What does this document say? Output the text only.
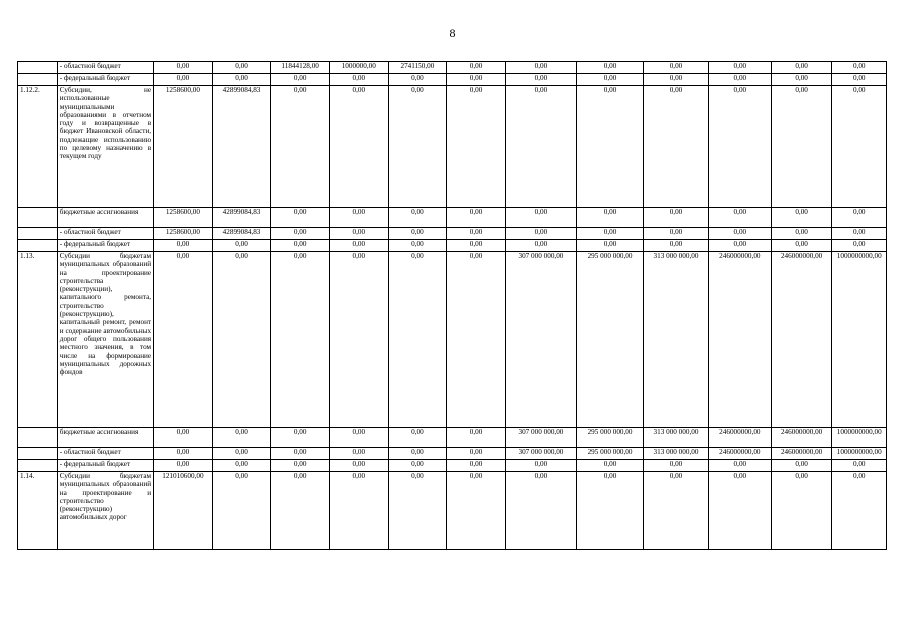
8
	- областной бюджет	0,00	0,00	11844128,00	1000000,00	2741150,00	0,00	0,00	0,00	0,00	0,00	0,00	0,00
	- федеральный бюджет	0,00	0,00	0,00	0,00	0,00	0,00	0,00	0,00	0,00	0,00	0,00	0,00
1.12.2.	Субсидии, не использованные муниципальными образованиями в отчетном году и возвращенные в бюджет Ивановской области, подлежащие использованию по целевому назначению в текущем году	1258600,00	42899084,83	0,00	0,00	0,00	0,00	0,00	0,00	0,00	0,00	0,00	0,00
	бюджетные ассигнования	1258600,00	42899084,83	0,00	0,00	0,00	0,00	0,00	0,00	0,00	0,00	0,00	0,00
	- областной бюджет	1258600,00	42899084,83	0,00	0,00	0,00	0,00	0,00	0,00	0,00	0,00	0,00	0,00
	- федеральный бюджет	0,00	0,00	0,00	0,00	0,00	0,00	0,00	0,00	0,00	0,00	0,00	0,00
1.13.	Субсидии бюджетам муниципальных образований на проектирование строительства (реконструкции), капитального ремонта, строительство (реконструкцию), капитальный ремонт, ремонт и содержание автомобильных дорог общего пользования местного значения, в том числе на формирование муниципальных дорожных фондов	0,00	0,00	0,00	0,00	0,00	0,00	307 000 000,00	295 000 000,00	313 000 000,00	246000000,00	246000000,00	1000000000,00
	бюджетные ассигнования	0,00	0,00	0,00	0,00	0,00	0,00	307 000 000,00	295 000 000,00	313 000 000,00	246000000,00	246000000,00	1000000000,00
	- областной бюджет	0,00	0,00	0,00	0,00	0,00	0,00	307 000 000,00	295 000 000,00	313 000 000,00	246000000,00	246000000,00	1000000000,00
	- федеральный бюджет	0,00	0,00	0,00	0,00	0,00	0,00	0,00	0,00	0,00	0,00	0,00	0,00
1.14.	Субсидии бюджетам муниципальных образований на проектирование и строительство (реконструкцию) автомобильных дорог	121010600,00	0,00	0,00	0,00	0,00	0,00	0,00	0,00	0,00	0,00	0,00	0,00
